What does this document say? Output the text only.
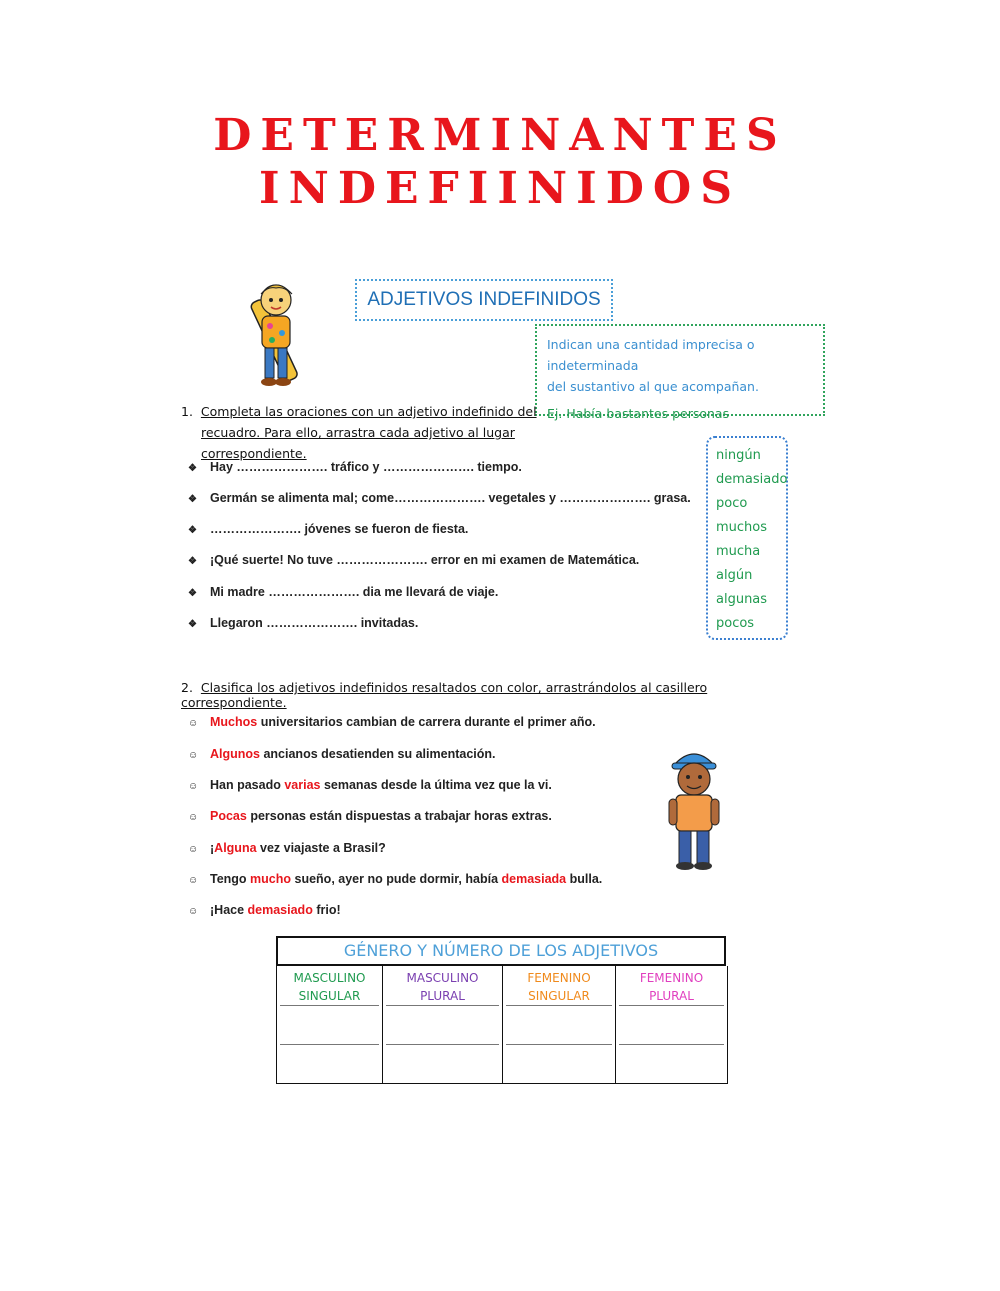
DETERMINANTES
INDEFIINIDOS
ADJETIVOS INDEFINIDOS
Indican una cantidad imprecisa o indeterminada
del sustantivo al que acompañan.
Ej. Había bastantes personas
1. Completa las oraciones con un adjetivo indefinido del
recuadro. Para ello, arrastra cada adjetivo al lugar correspondiente.
❖ Hay …………………. tráfico y …………………. tiempo.
❖ Germán se alimenta mal; come…………………. vegetales y …………………. grasa.
❖ …………………. jóvenes se fueron de fiesta.
❖ ¡Qué suerte! No tuve …………………. error en mi examen de Matemática.
❖ Mi madre …………………. dia me llevará de viaje.
❖ Llegaron …………………. invitadas.
ningún
demasiado
poco
muchos
mucha
algún
algunas
pocos
2. Clasifica los adjetivos indefinidos resaltados con color, arrastrándolos al casillero correspondiente.
☺ Muchos universitarios cambian de carrera durante el primer año.
☺ Algunos ancianos desatienden su alimentación.
☺ Han pasado varias semanas desde la última vez que la vi.
☺ Pocas personas están dispuestas a trabajar horas extras.
☺ ¡Alguna vez viajaste a Brasil?
☺ Tengo mucho sueño, ayer no pude dormir, había demasiada bulla.
☺ ¡Hace demasiado frio!
GÉNERO Y NÚMERO DE LOS ADJETIVOS
MASCULINO
SINGULAR
MASCULINO
PLURAL
FEMENINO
SINGULAR
FEMENINO
PLURAL
